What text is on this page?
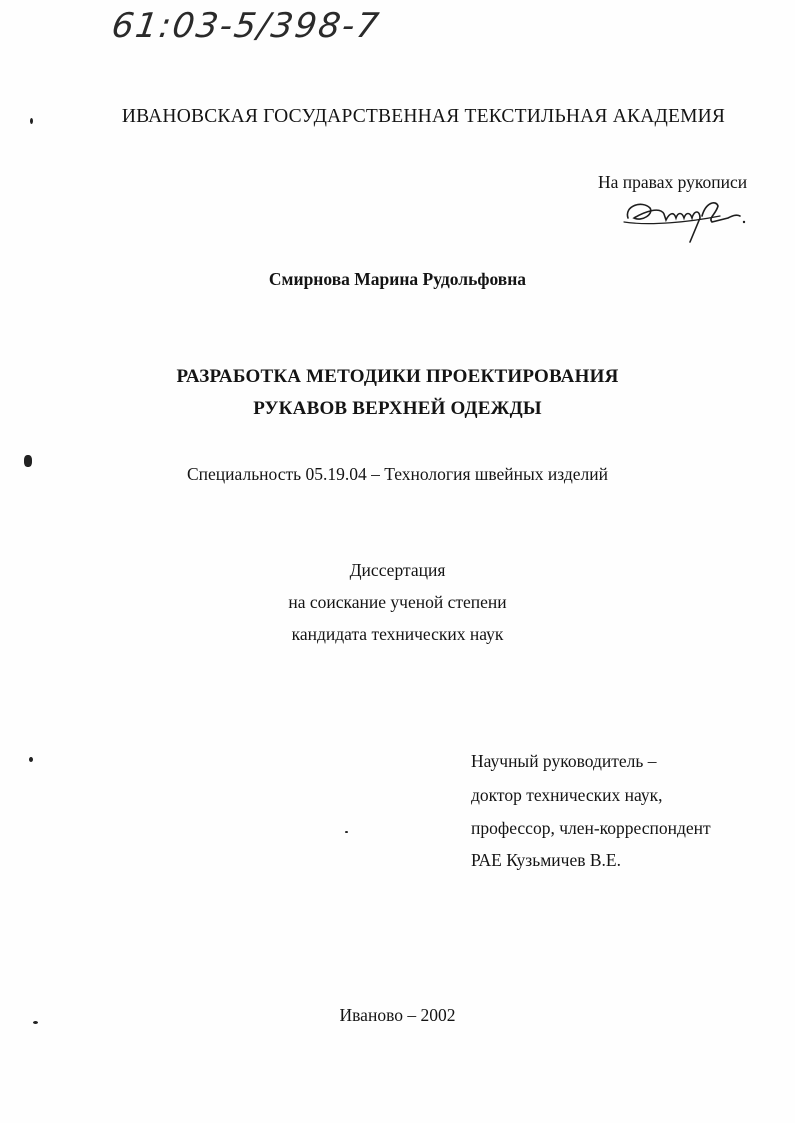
61:03-5/398-7
ИВАНОВСКАЯ ГОСУДАРСТВЕННАЯ ТЕКСТИЛЬНАЯ АКАДЕМИЯ
На правах рукописи
Смирнова Марина Рудольфовна
РАЗРАБОТКА МЕТОДИКИ ПРОЕКТИРОВАНИЯ
РУКАВОВ ВЕРХНЕЙ ОДЕЖДЫ
Специальность 05.19.04 – Технология швейных изделий
Диссертация
на соискание ученой степени
кандидата технических наук
Научный руководитель –
доктор технических наук,
профессор, член-корреспондент
РАЕ Кузьмичев В.Е.
Иваново – 2002
